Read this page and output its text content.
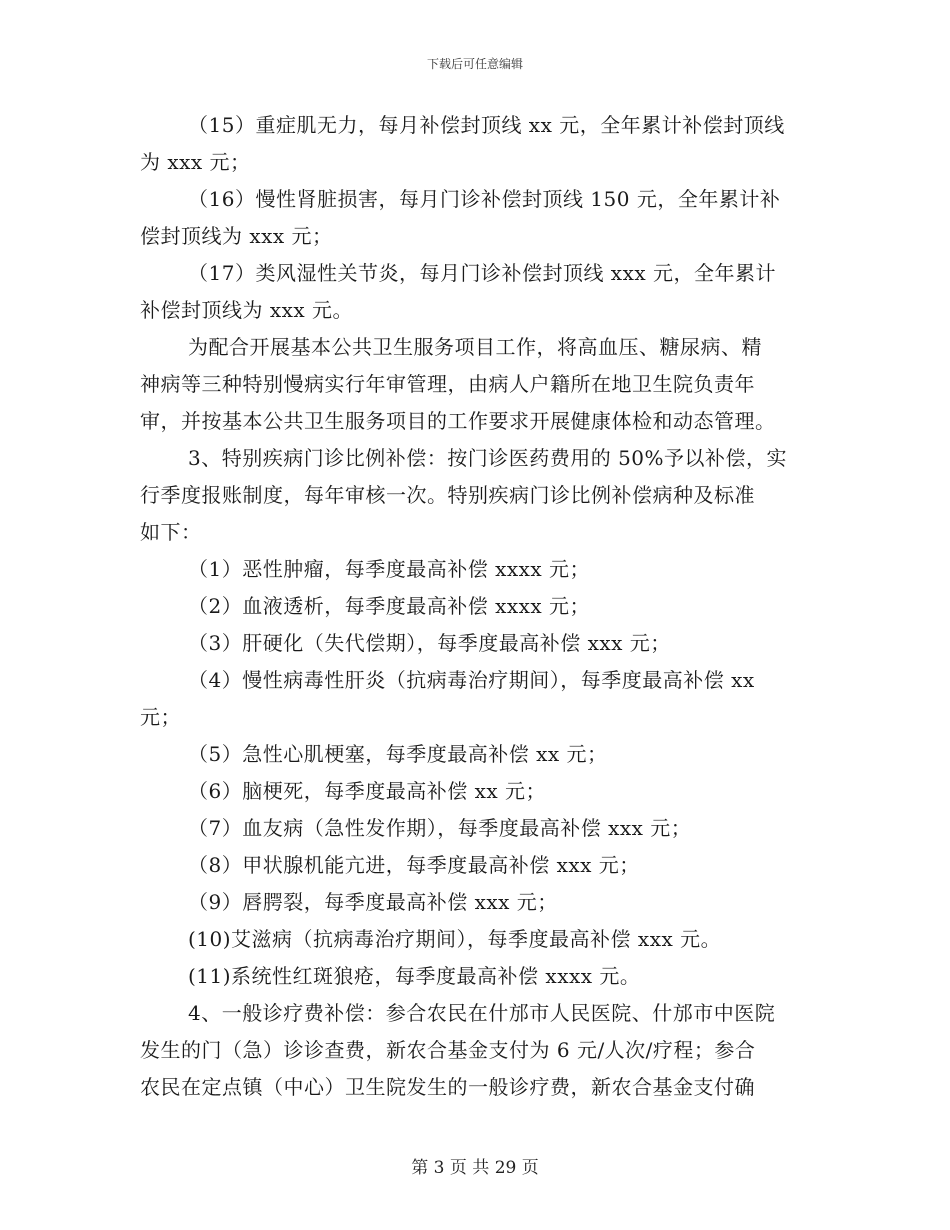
下载后可任意编辑
（15）重症肌无力，每月补偿封顶线 xx 元，全年累计补偿封顶线
为 xxx 元；
（16）慢性肾脏损害，每月门诊补偿封顶线 150 元，全年累计补
偿封顶线为 xxx 元；
（17）类风湿性关节炎，每月门诊补偿封顶线 xxx 元，全年累计
补偿封顶线为 xxx 元。
为配合开展基本公共卫生服务项目工作，将高血压、糖尿病、精
神病等三种特别慢病实行年审管理，由病人户籍所在地卫生院负责年
审，并按基本公共卫生服务项目的工作要求开展健康体检和动态管理。
3、特别疾病门诊比例补偿：按门诊医药费用的 50%予以补偿，实
行季度报账制度，每年审核一次。特别疾病门诊比例补偿病种及标准
如下：
（1）恶性肿瘤，每季度最高补偿 xxxx 元；
（2）血液透析，每季度最高补偿 xxxx 元；
（3）肝硬化（失代偿期），每季度最高补偿 xxx 元；
（4）慢性病毒性肝炎（抗病毒治疗期间），每季度最高补偿 xx
元；
（5）急性心肌梗塞，每季度最高补偿 xx 元；
（6）脑梗死，每季度最高补偿 xx 元；
（7）血友病（急性发作期），每季度最高补偿 xxx 元；
（8）甲状腺机能亢进，每季度最高补偿 xxx 元；
（9）唇腭裂，每季度最高补偿 xxx 元；
(10)艾滋病（抗病毒治疗期间），每季度最高补偿 xxx 元。
(11)系统性红斑狼疮，每季度最高补偿 xxxx 元。
4、一般诊疗费补偿：参合农民在什邡市人民医院、什邡市中医院
发生的门（急）诊诊查费，新农合基金支付为 6 元/人次/疗程；参合
农民在定点镇（中心）卫生院发生的一般诊疗费，新农合基金支付确
第 3 页 共 29 页
